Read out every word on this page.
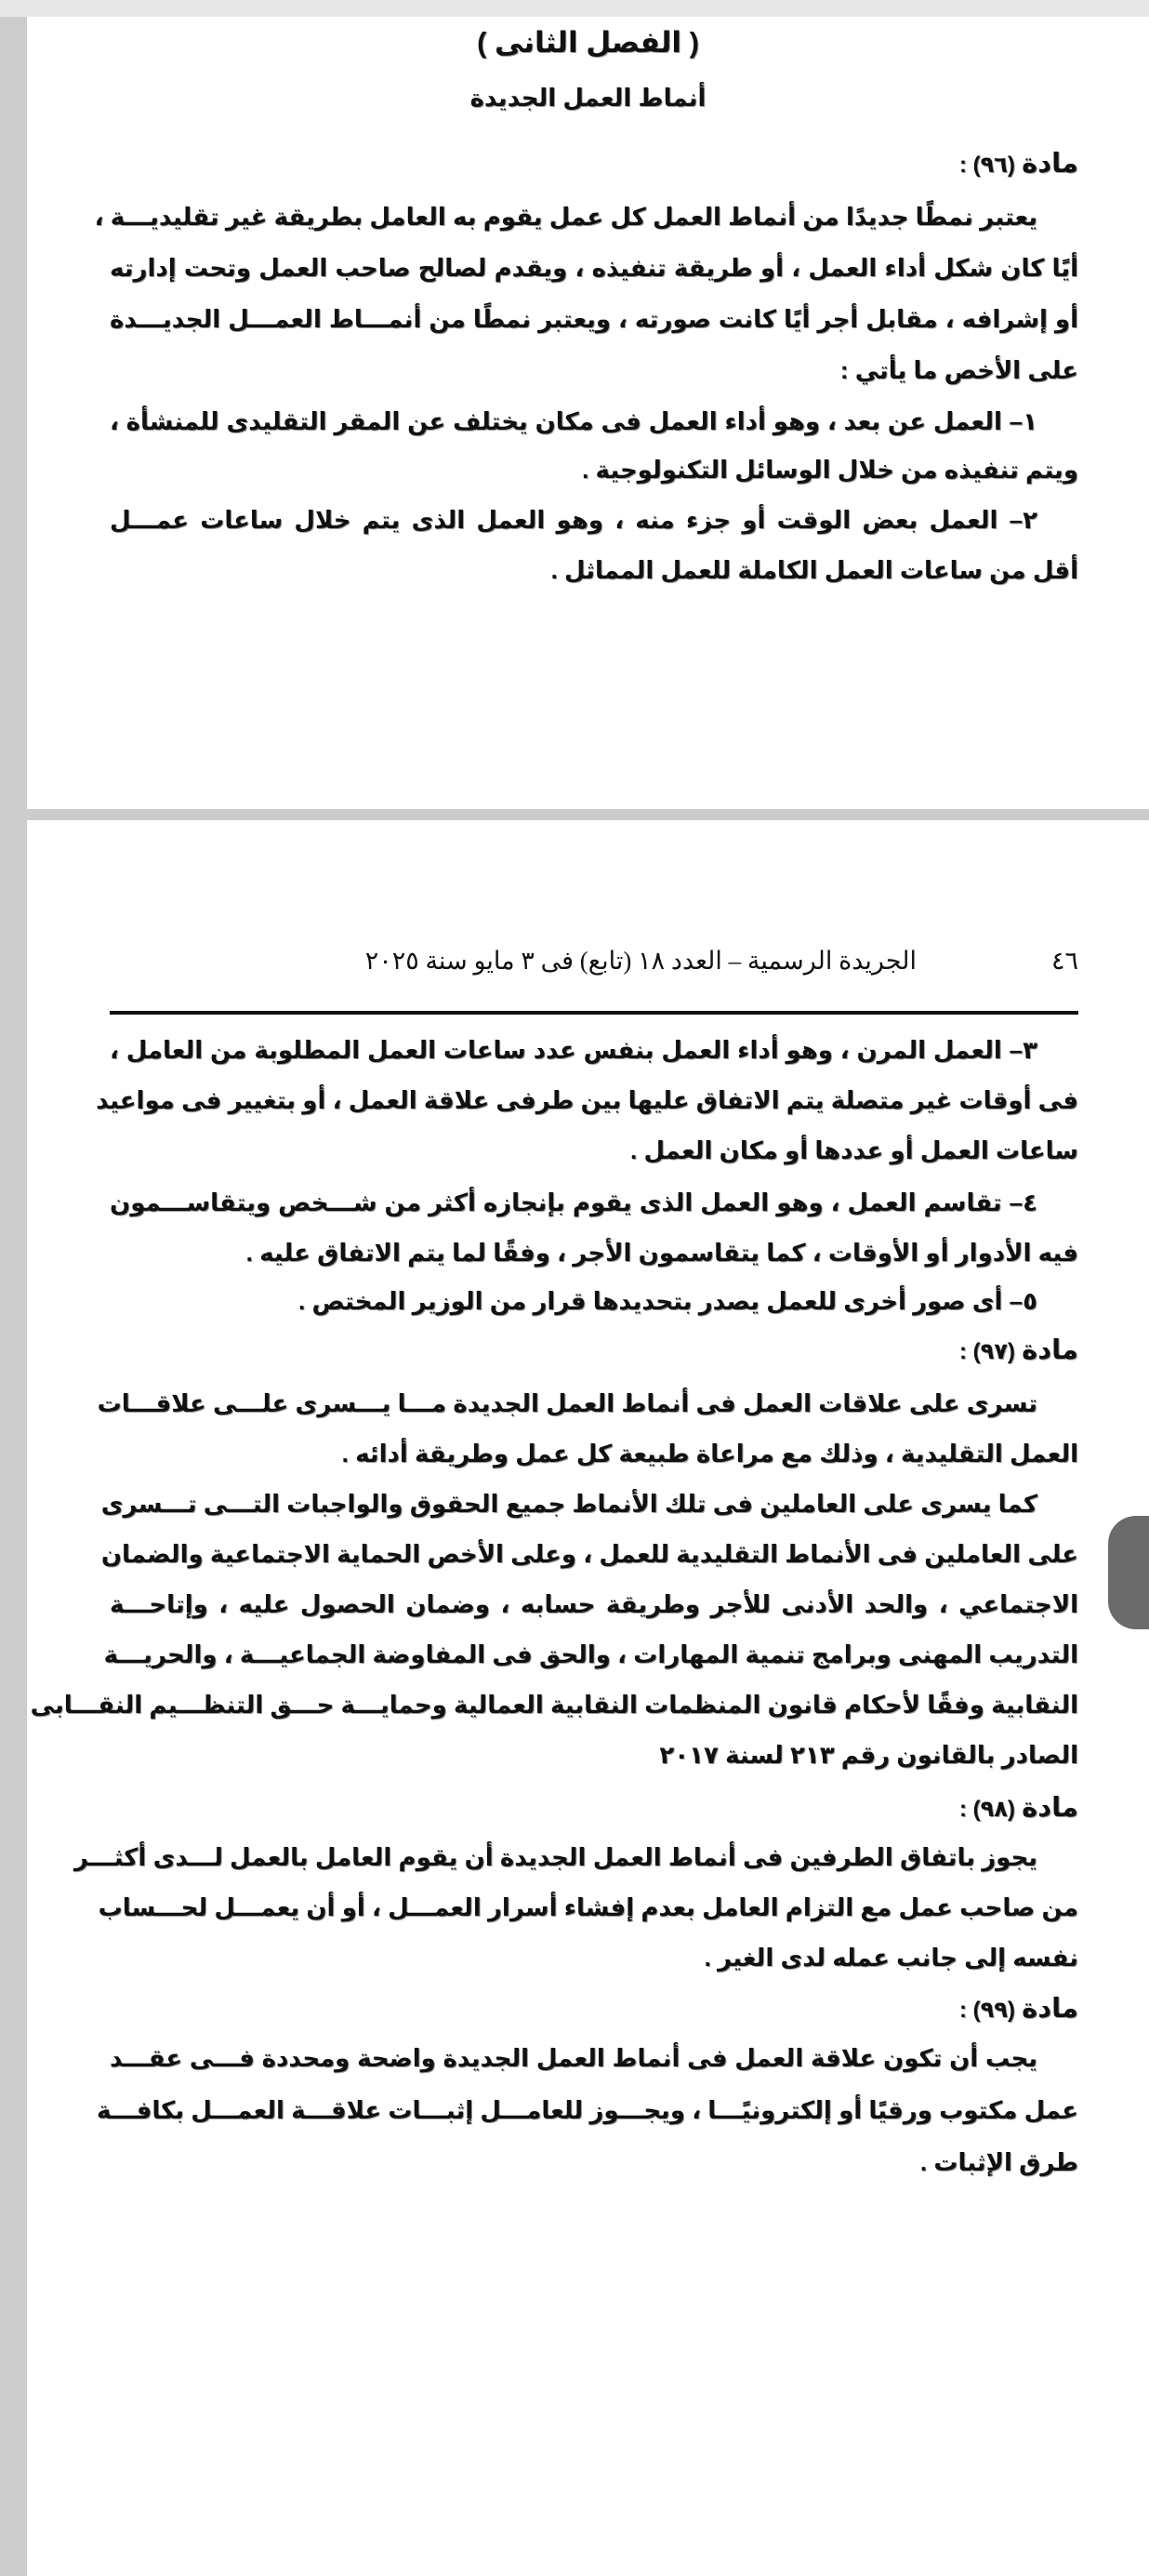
( الفصل الثانى )
أنماط العمل الجديدة
مادة (٩٦) :
يعتبر نمطًا جديدًا من أنماط العمل كل عمل يقوم به العامل بطريقة غير تقليديـــة ،
أيًا كان شكل أداء العمل ، أو طريقة تنفيذه ، ويقدم لصالح صاحب العمل وتحت إدارته
أو إشرافه ، مقابل أجر أيًا كانت صورته ، ويعتبر نمطًا من أنمـــاط العمـــل الجديـــدة
على الأخص ما يأتي :
١– العمل عن بعد ، وهو أداء العمل فى مكان يختلف عن المقر التقليدى للمنشأة ،
ويتم تنفيذه من خلال الوسائل التكنولوجية .
٢– العمل بعض الوقت أو جزء منه ، وهو العمل الذى يتم خلال ساعات عمـــل
أقل من ساعات العمل الكاملة للعمل المماثل .
٤٦
الجريدة الرسمية – العدد ١٨ (تابع) فى ٣ مايو سنة ٢٠٢٥
٣– العمل المرن ، وهو أداء العمل بنفس عدد ساعات العمل المطلوبة من العامل ،
فى أوقات غير متصلة يتم الاتفاق عليها بين طرفى علاقة العمل ، أو بتغيير فى مواعيد
ساعات العمل أو عددها أو مكان العمل .
٤– تقاسم العمل ، وهو العمل الذى يقوم بإنجازه أكثر من شـــخص ويتقاســـمون
فيه الأدوار أو الأوقات ، كما يتقاسمون الأجر ، وفقًا لما يتم الاتفاق عليه .
٥– أى صور أخرى للعمل يصدر بتحديدها قرار من الوزير المختص .
مادة (٩٧) :
تسرى على علاقات العمل فى أنماط العمل الجديدة مـــا يـــسرى علـــى علاقـــات
العمل التقليدية ، وذلك مع مراعاة طبيعة كل عمل وطريقة أدائه .
كما يسرى على العاملين فى تلك الأنماط جميع الحقوق والواجبات التـــى تـــسرى
على العاملين فى الأنماط التقليدية للعمل ، وعلى الأخص الحماية الاجتماعية والضمان
الاجتماعي ، والحد الأدنى للأجر وطريقة حسابه ، وضمان الحصول عليه ، وإتاحـــة
التدريب المهنى وبرامج تنمية المهارات ، والحق فى المفاوضة الجماعيـــة ، والحريـــة
النقابية وفقًا لأحكام قانون المنظمات النقابية العمالية وحمايـــة حـــق التنظـــيم النقـــابى
الصادر بالقانون رقم ٢١٣ لسنة ٢٠١٧
مادة (٩٨) :
يجوز باتفاق الطرفين فى أنماط العمل الجديدة أن يقوم العامل بالعمل لـــدى أكثـــر
من صاحب عمل مع التزام العامل بعدم إفشاء أسرار العمـــل ، أو أن يعمـــل لحـــساب
نفسه إلى جانب عمله لدى الغير .
مادة (٩٩) :
يجب أن تكون علاقة العمل فى أنماط العمل الجديدة واضحة ومحددة فـــى عقـــد
عمل مكتوب ورقيًا أو إلكترونيًـــا ، ويجـــوز للعامـــل إثبـــات علاقـــة العمـــل بكافـــة
طرق الإثبات .
